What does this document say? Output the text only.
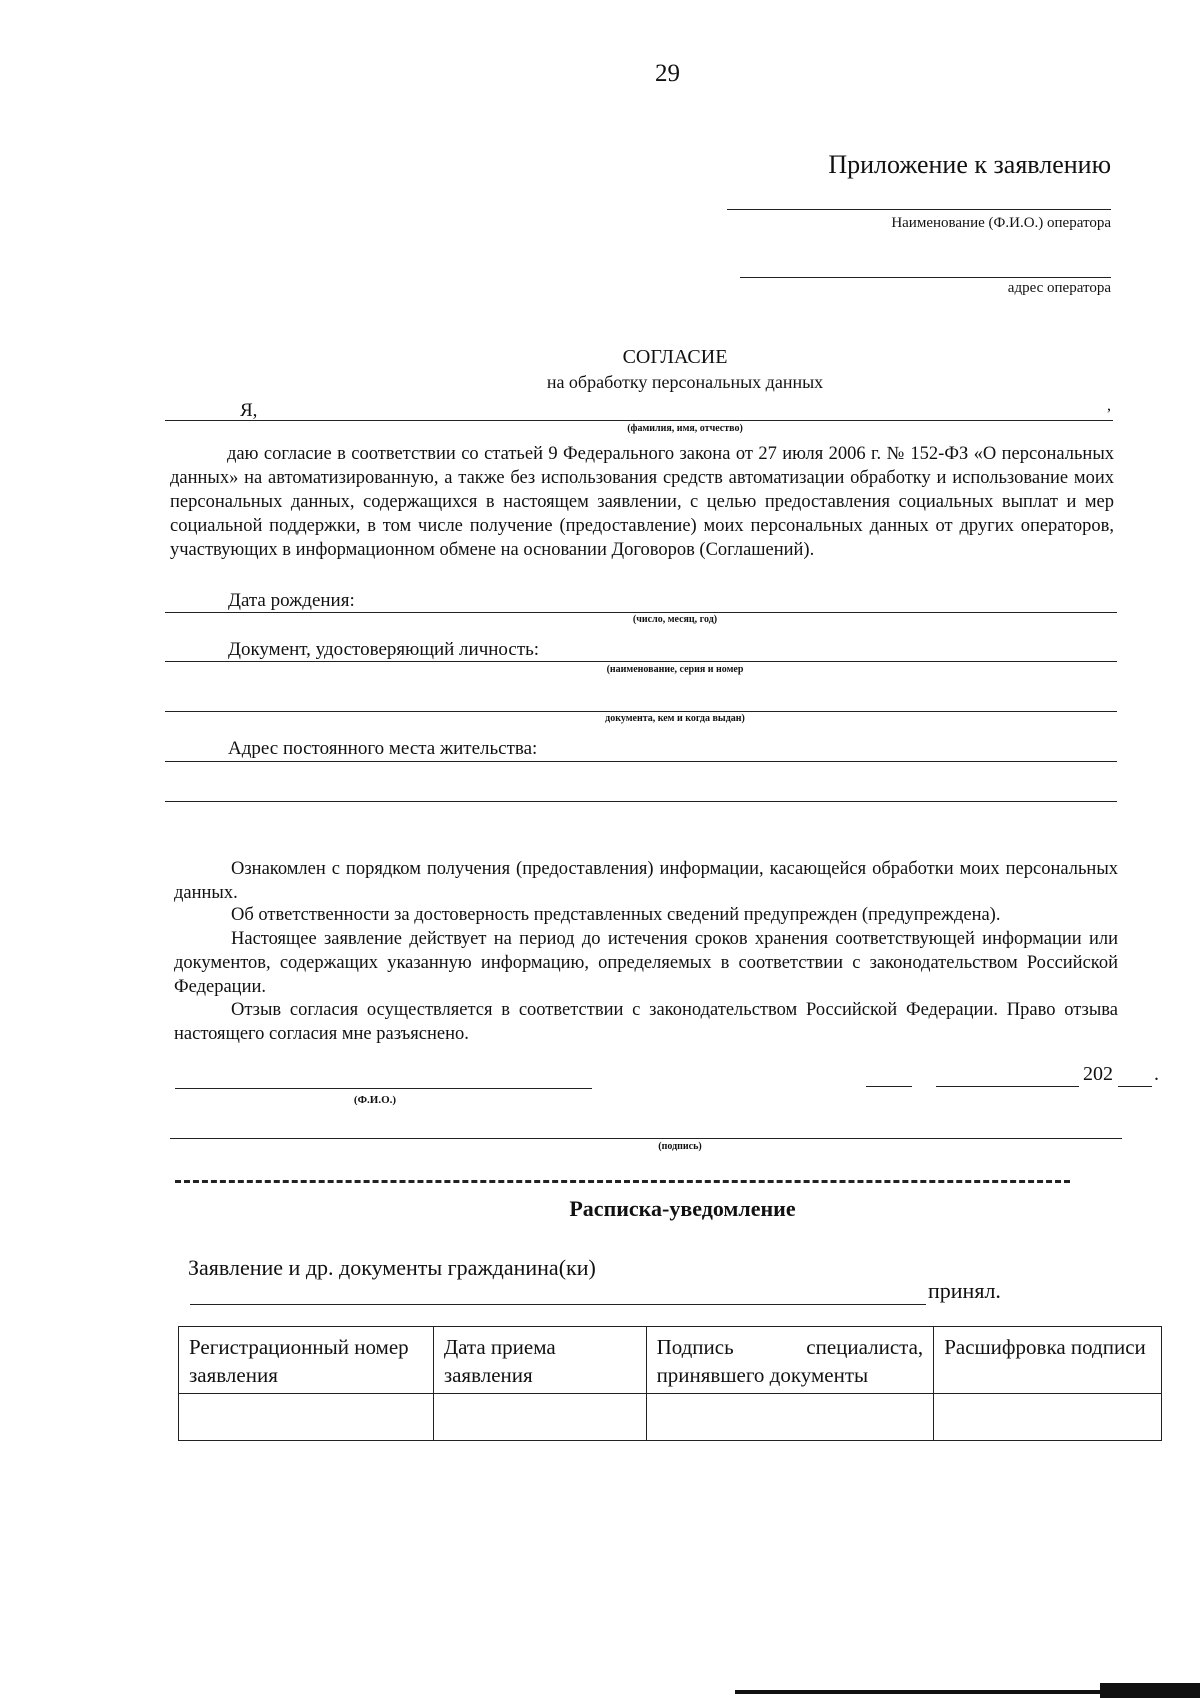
29
Приложение к заявлению
Наименование (Ф.И.О.) оператора
адрес оператора
СОГЛАСИЕ
на обработку персональных данных
Я,	,
(фамилия, имя, отчество)
даю согласие в соответствии со статьей 9 Федерального закона от 27 июля 2006 г. № 152-ФЗ «О персональных данных» на автоматизированную, а также без использования средств автоматизации обработку и использование моих персональных данных, содержащихся в настоящем заявлении, с целью предоставления социальных выплат и мер социальной поддержки, в том числе получение (предоставление) моих персональных данных от других операторов, участвующих в информационном обмене на основании Договоров (Соглашений).
Дата рождения:
(число, месяц, год)
Документ, удостоверяющий личность:
(наименование, серия и номер
документа, кем и когда выдан)
Адрес постоянного места жительства:
Ознакомлен с порядком получения (предоставления) информации, касающейся обработки моих персональных данных.
Об ответственности за достоверность представленных сведений предупрежден (предупреждена).
Настоящее заявление действует на период до истечения сроков хранения соответствующей информации или документов, содержащих указанную информацию, определяемых в соответствии с законодательством Российской Федерации.
Отзыв согласия осуществляется в соответствии с законодательством Российской Федерации. Право отзыва настоящего согласия мне разъяснено.
(Ф.И.О.)
202 .
(подпись)
Расписка-уведомление
Заявление и др. документы гражданина(ки)
принял.
Регистрационный номер заявления	Дата приема заявления	Подпись специалиста, принявшего документы	Расшифровка подписи
